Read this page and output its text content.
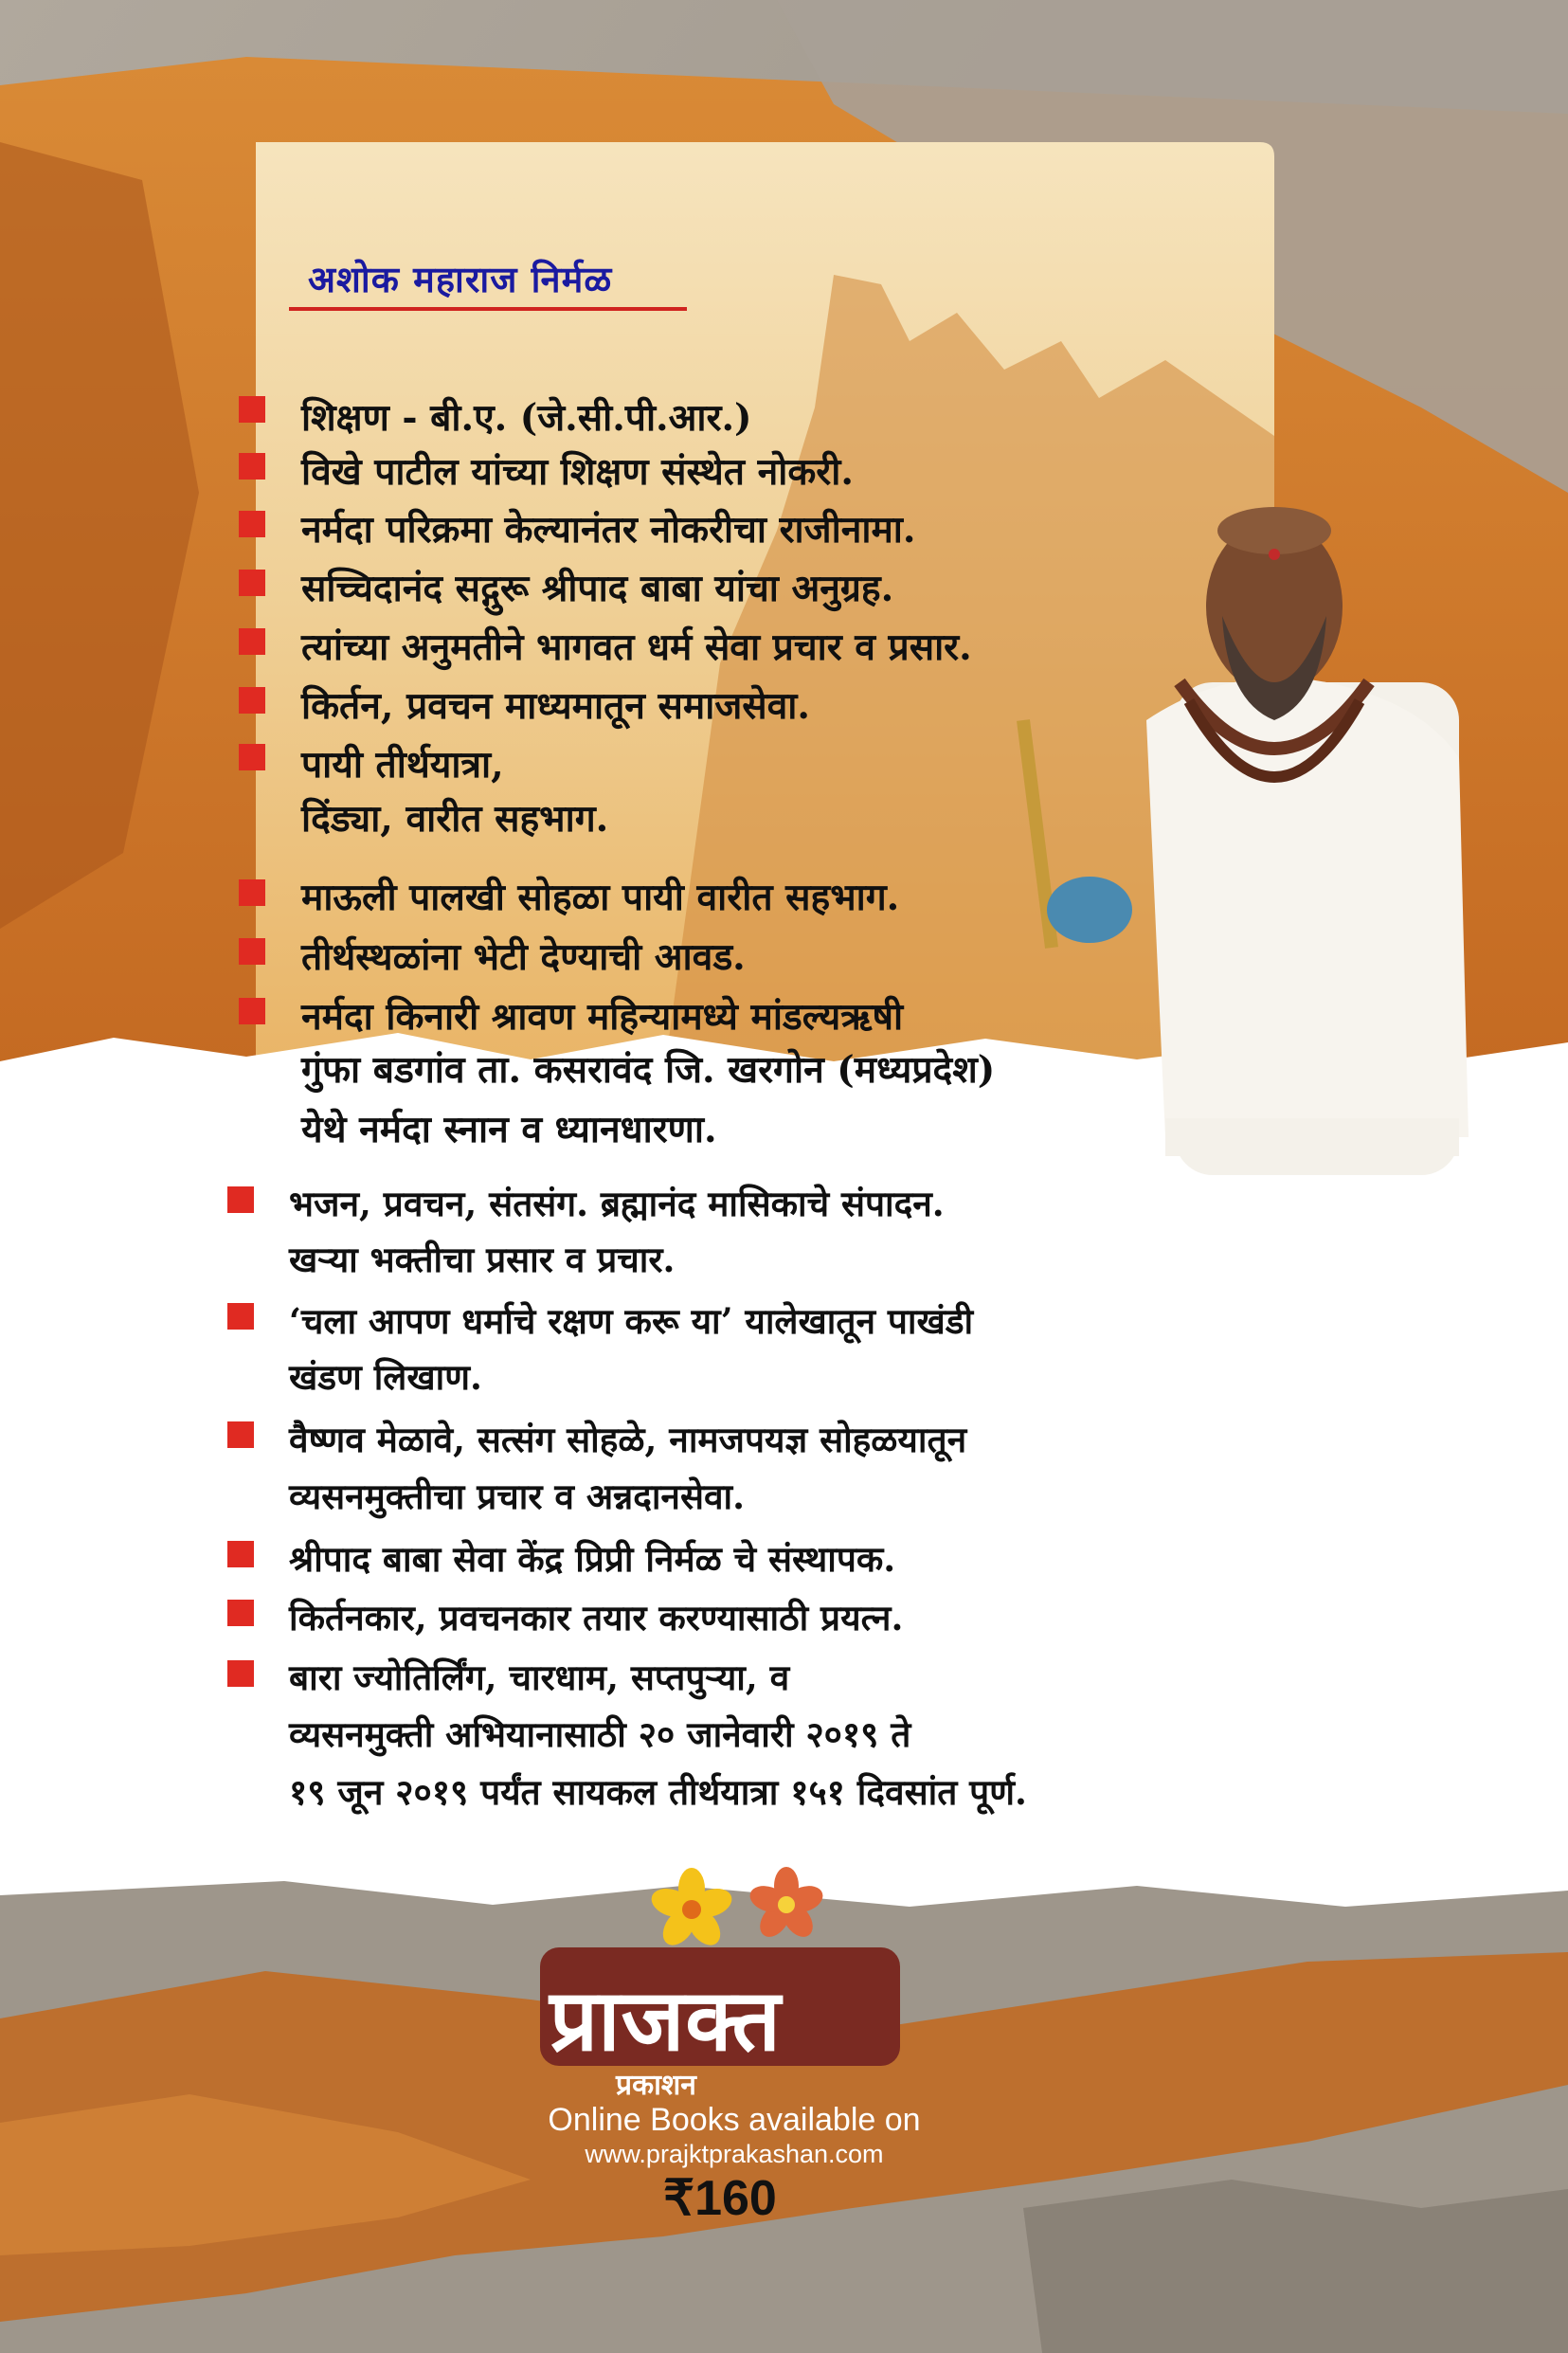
अशोक महाराज निर्मळ
शिक्षण - बी.ए. (जे.सी.पी.आर.)
विखे पाटील यांच्या शिक्षण संस्थेत नोकरी.
नर्मदा परिक्रमा केल्यानंतर नोकरीचा राजीनामा.
सच्चिदानंद सद्गुरू श्रीपाद बाबा यांचा अनुग्रह.
त्यांच्या अनुमतीने भागवत धर्म सेवा प्रचार व प्रसार.
किर्तन, प्रवचन माध्यमातून समाजसेवा.
पायी तीर्थयात्रा,
दिंड्या, वारीत सहभाग.
माऊली पालखी सोहळा पायी वारीत सहभाग.
तीर्थस्थळांना भेटी देण्याची आवड.
नर्मदा किनारी श्रावण महिन्यामध्ये मांडल्यऋषी
गुंफा बडगांव ता. कसरावंद जि. खरगोन (मध्यप्रदेश)
येथे नर्मदा स्नान व ध्यानधारणा.
भजन, प्रवचन, संतसंग. ब्रह्मानंद मासिकाचे संपादन.
खऱ्या भक्तीचा प्रसार व प्रचार.
‘चला आपण धर्माचे रक्षण करू या’ यालेखातून पाखंडी
खंडण लिखाण.
वैष्णव मेळावे, सत्संग सोहळे, नामजपयज्ञ सोहळयातून
व्यसनमुक्तीचा प्रचार व अन्नदानसेवा.
श्रीपाद बाबा सेवा केंद्र प्रिप्री निर्मळ चे संस्थापक.
किर्तनकार, प्रवचनकार तयार करण्यासाठी प्रयत्न.
बारा ज्योतिर्लिंग, चारधाम, सप्तपुऱ्या, व
व्यसनमुक्ती अभियानासाठी २० जानेवारी २०१९ ते
१९ जून २०१९ पर्यंत सायकल तीर्थयात्रा १५१ दिवसांत पूर्ण.
प्राजक्त
प्रकाशन
Online Books available on
www.prajktprakashan.com
₹160
